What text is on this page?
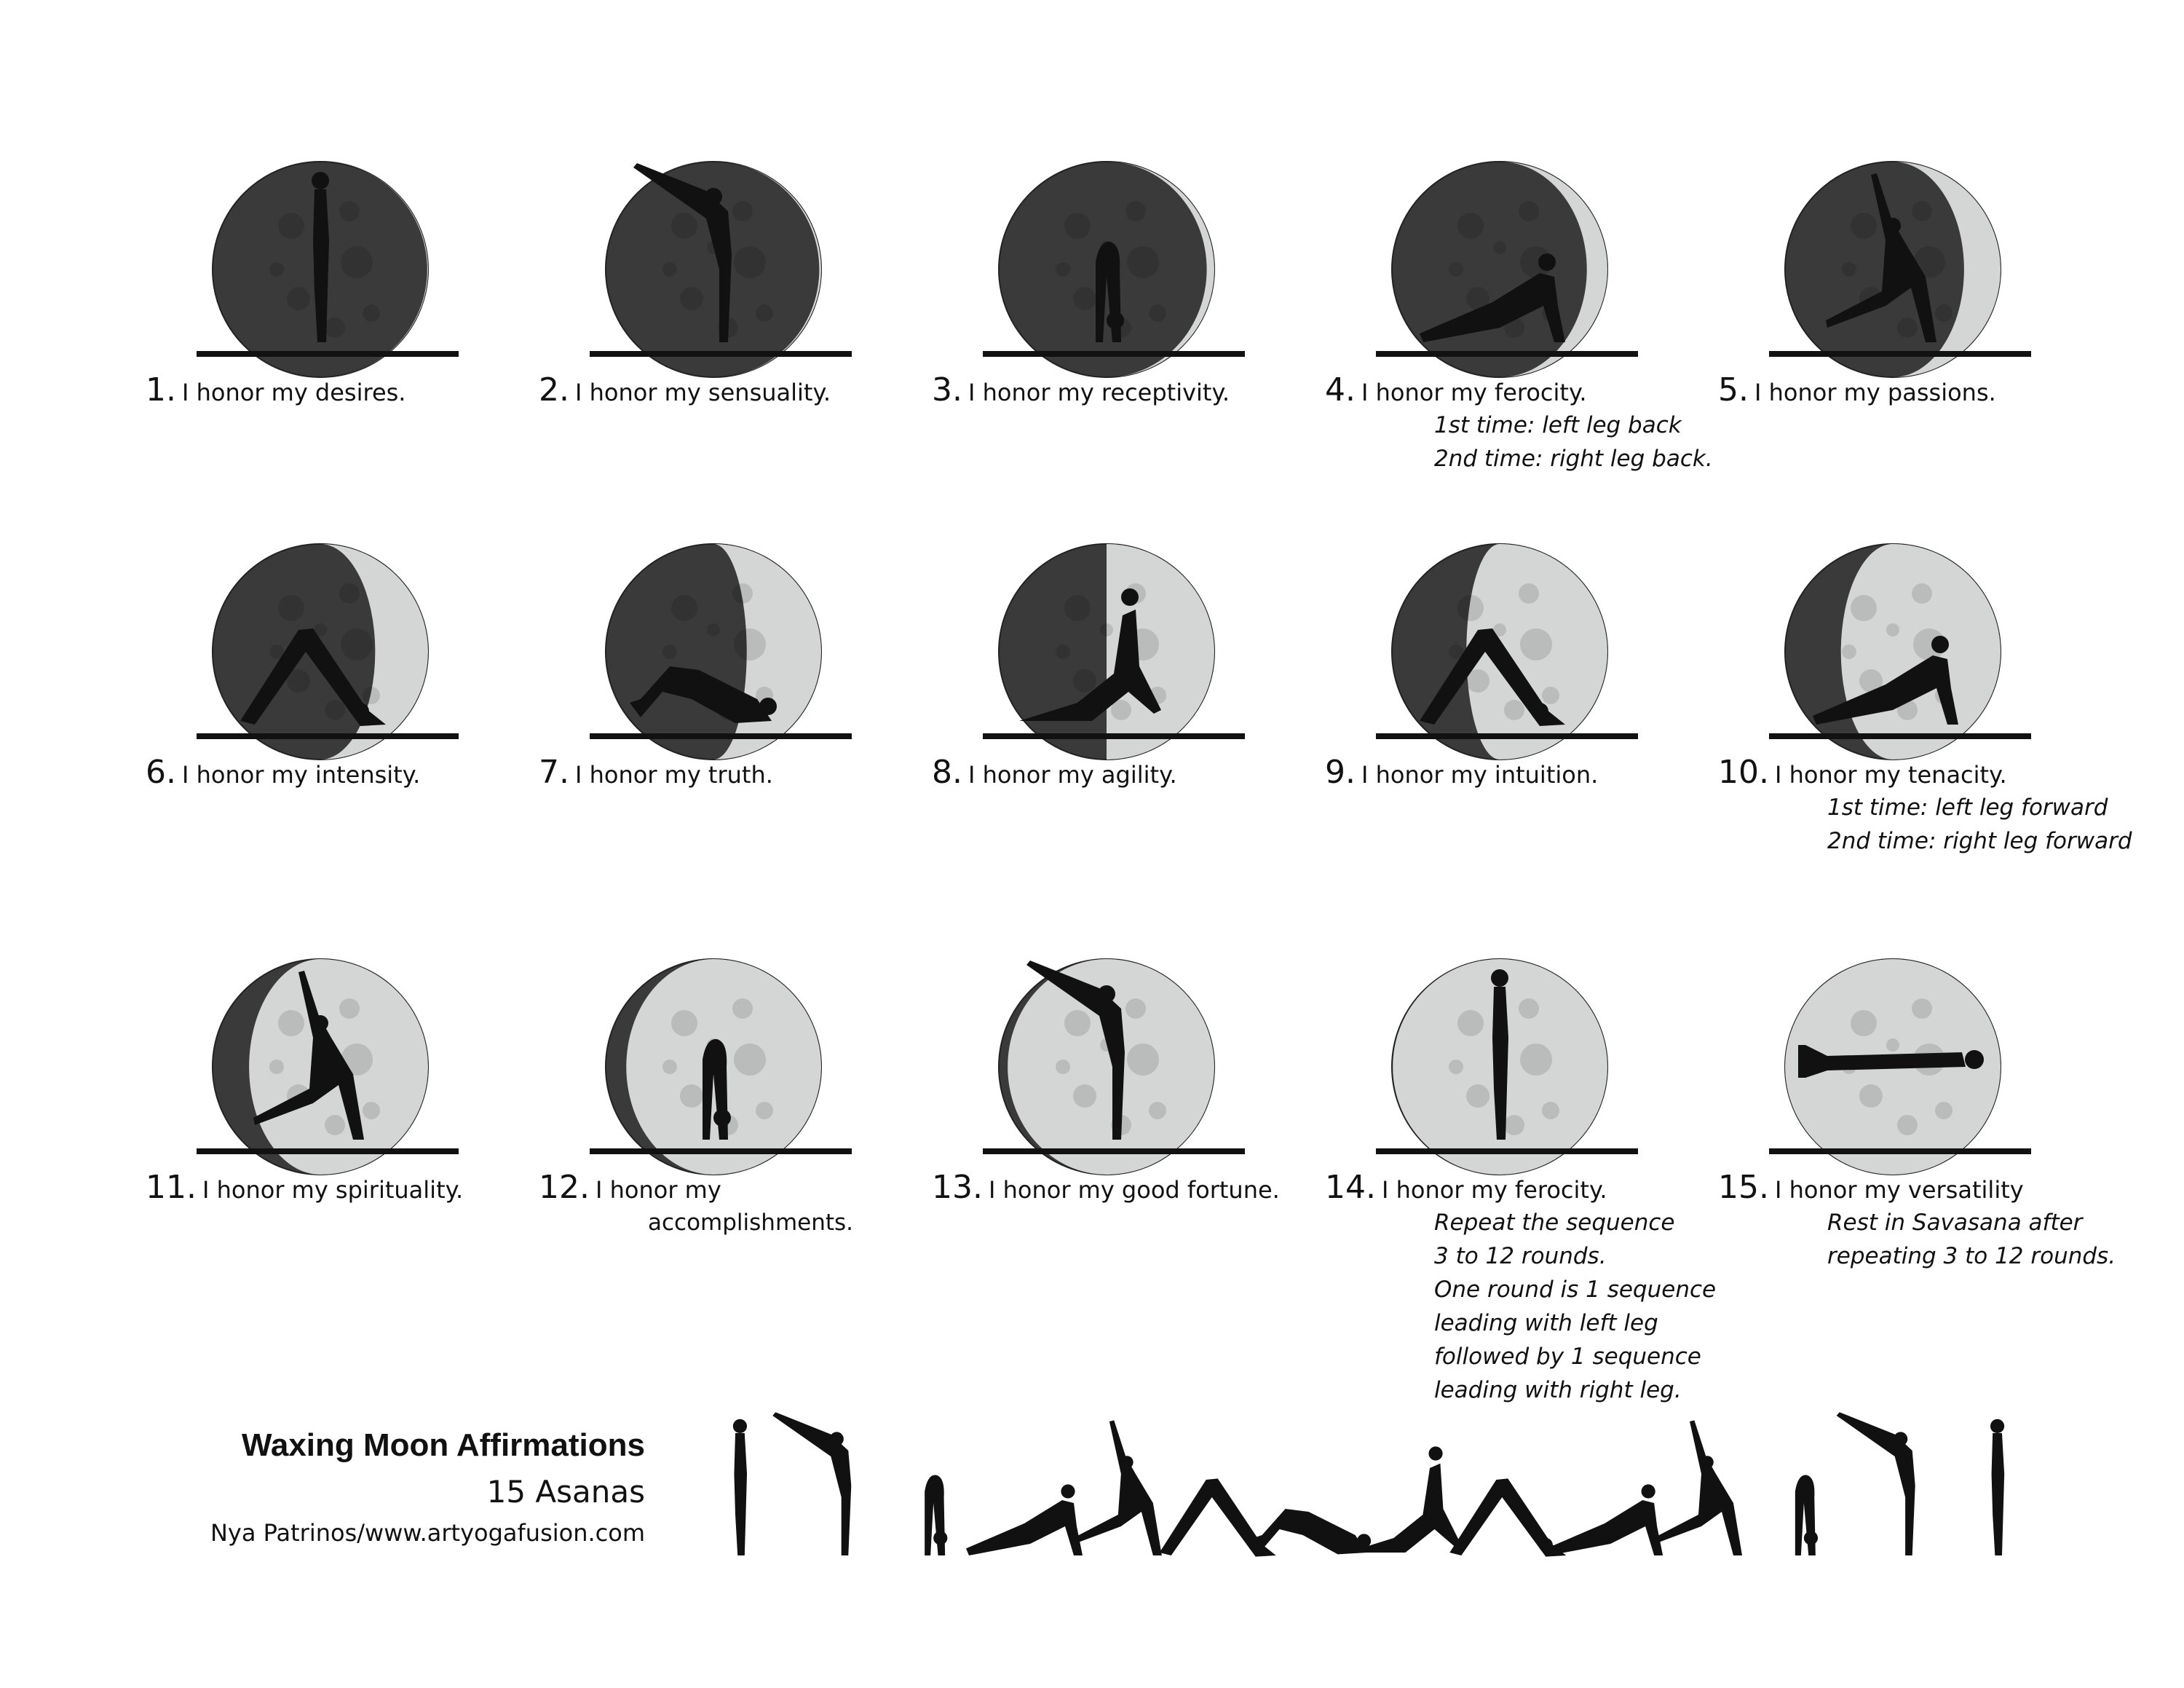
1. I honor my desires.	2. I honor my sensuality.	3. I honor my receptivity.	4. I honor my ferocity.
1st time: left leg back
2nd time: right leg back.
5. I honor my passions.
6. I honor my intensity.	7. I honor my truth.	8. I honor my agility.	9. I honor my intuition.	10. I honor my tenacity.
1st time: left leg forward
2nd time: right leg forward
11. I honor my spirituality.	12. I honor my
accomplishments.
13. I honor my good fortune.	14. I honor my ferocity.
Repeat the sequence
3 to 12 rounds.
One round is 1 sequence
leading with left leg
followed by 1 sequence
leading with right leg.
15. I honor my versatility
Rest in Savasana after
repeating 3 to 12 rounds.
Waxing Moon Affirmations
15 Asanas
Nya Patrinos/www.artyogafusion.com
